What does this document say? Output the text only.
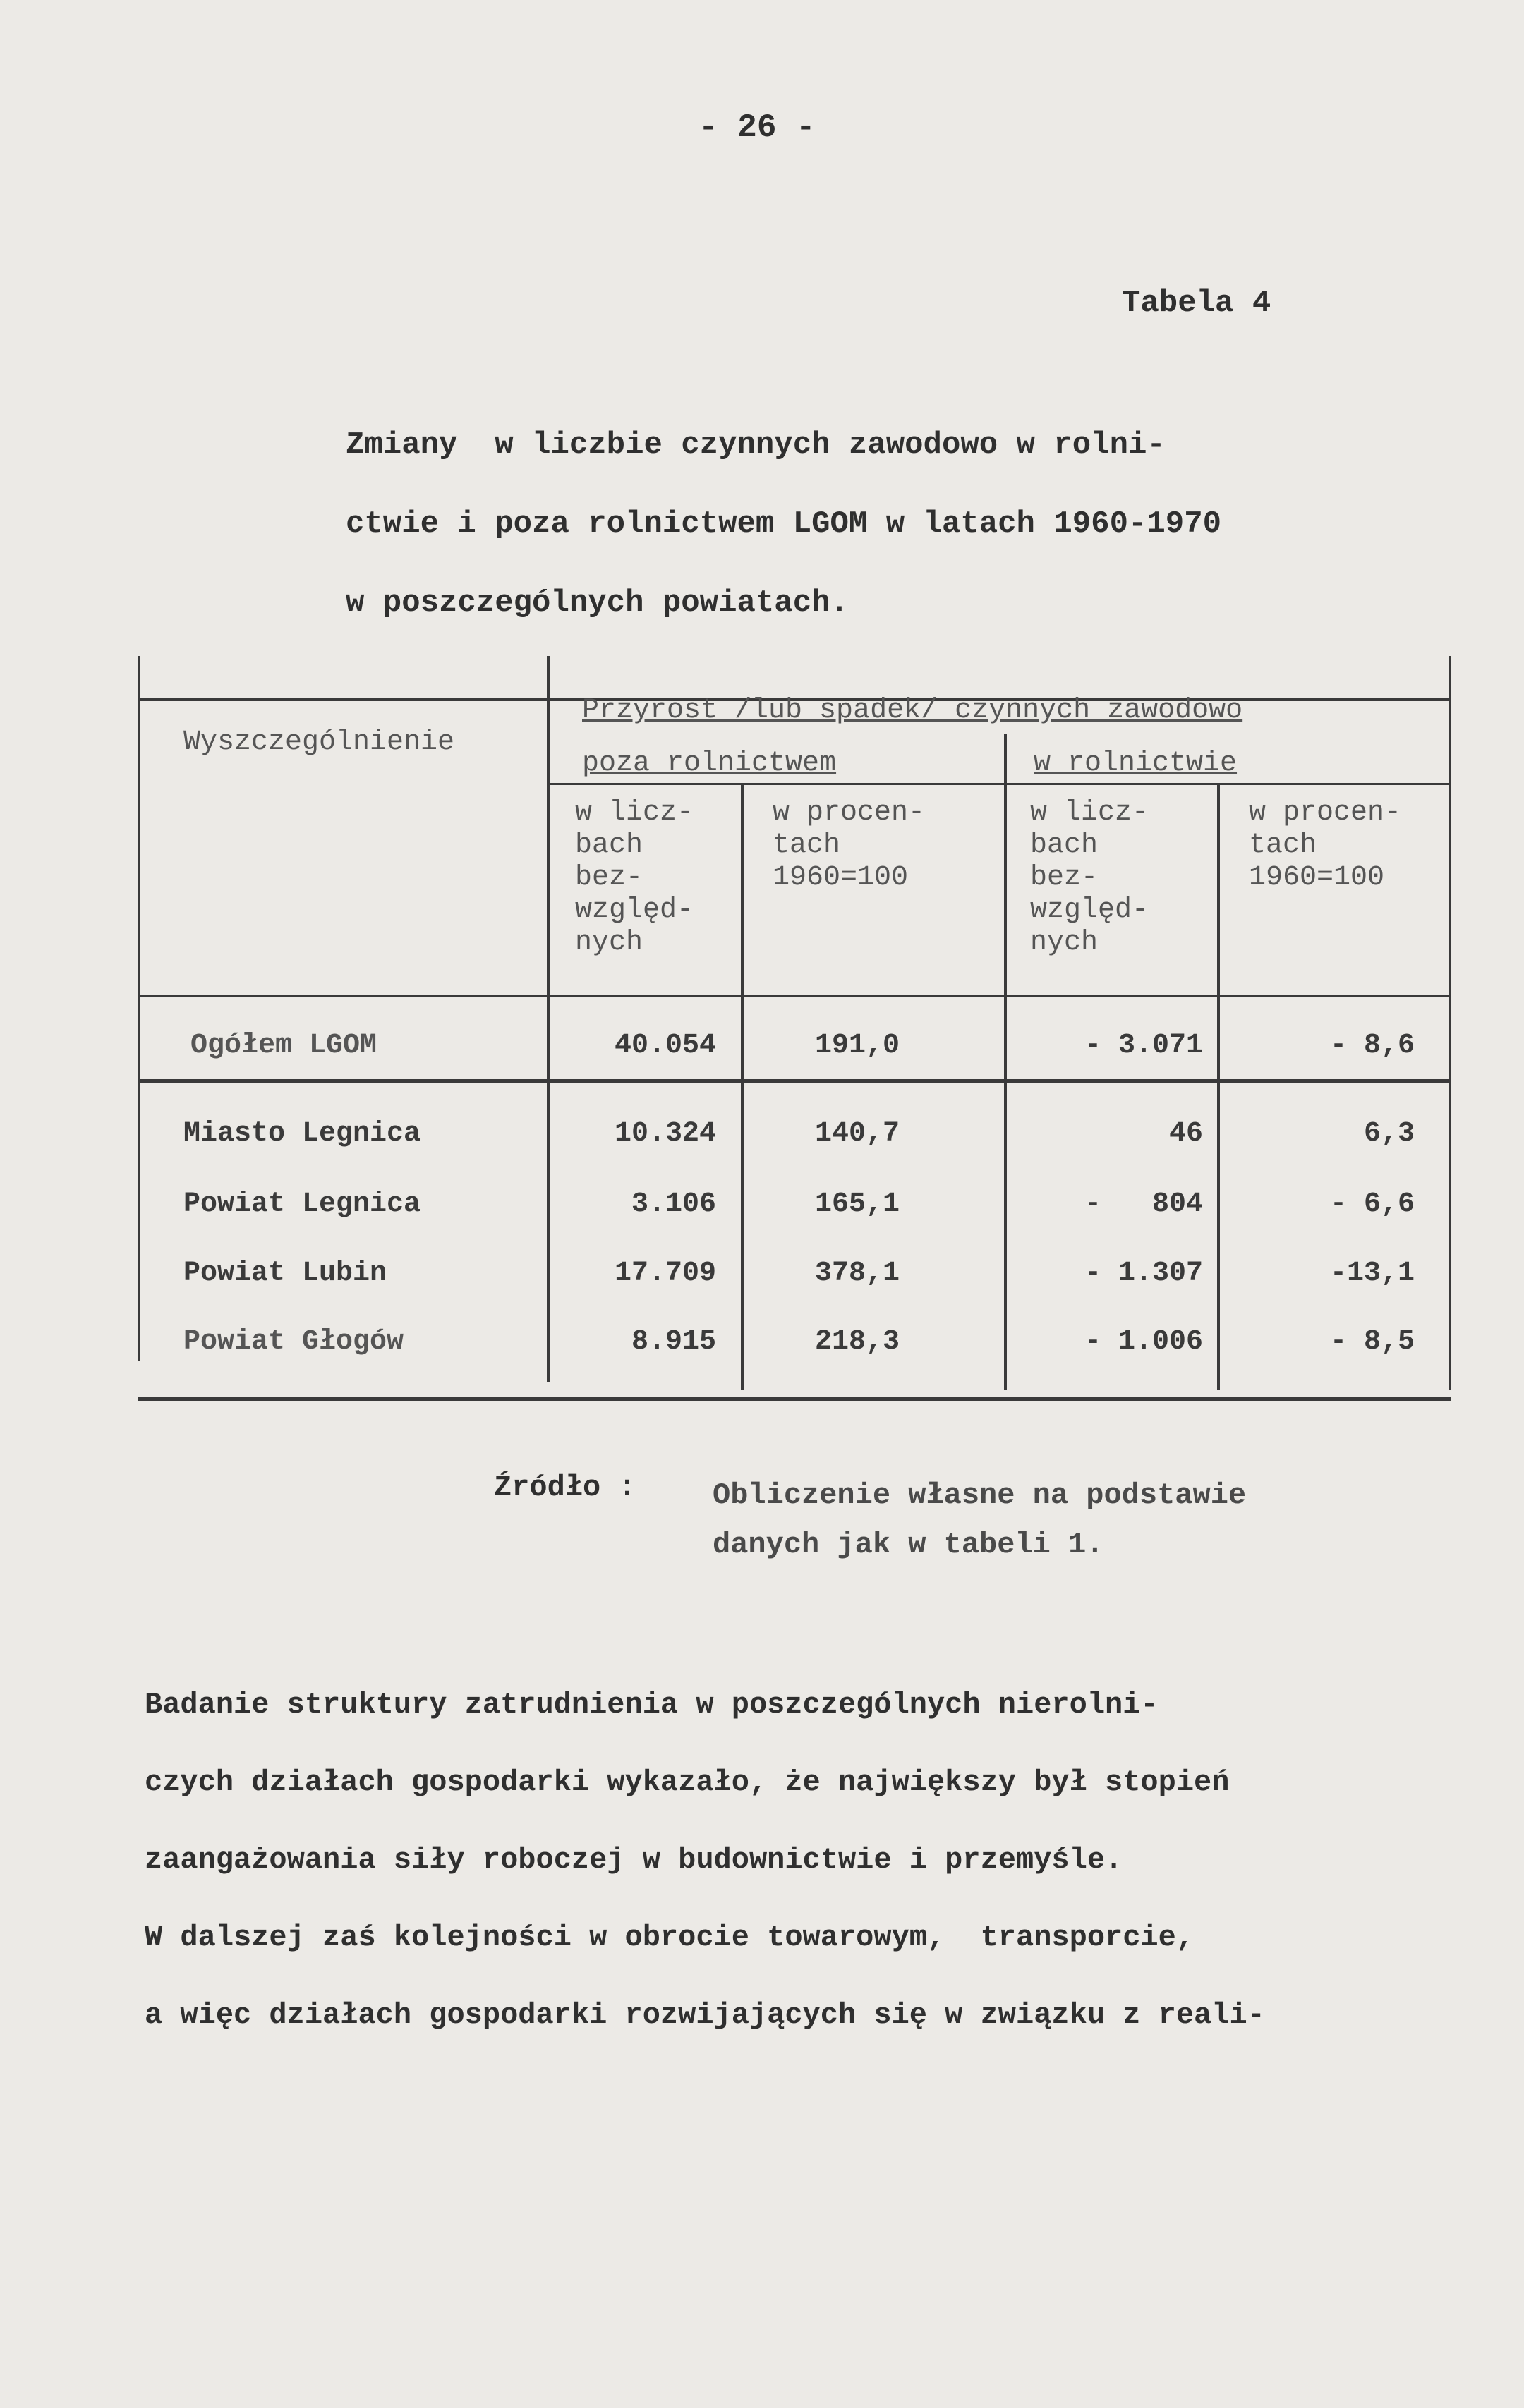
- 26 -
Tabela 4
Zmiany  w liczbie czynnych zawodowo w rolni-
ctwie i poza rolnictwem LGOM w latach 1960-1970
w poszczególnych powiatach.
Wyszczególnienie
Przyrost /lub spadek/ czynnych zawodowo
poza rolnictwem	w rolnictwie
w licz-
bach
bez-
względ-
nych
w procen-
tach
1960=100
w licz-
bach
bez-
względ-
nych
w procen-
tach
1960=100
Ogółem LGOM	40.054	191,0	- 3.071	- 8,6
Miasto Legnica	10.324	140,7	46	6,3
Powiat Legnica	3.106	165,1	-   804	- 6,6
Powiat Lubin	17.709	378,1	- 1.307	-13,1
Powiat Głogów	8.915	218,3	- 1.006	- 8,5
Źródło :	Obliczenie własne na podstawie
danych jak w tabeli 1.
Badanie struktury zatrudnienia w poszczególnych nierolni-
czych działach gospodarki wykazało, że największy był stopień
zaangażowania siły roboczej w budownictwie i przemyśle.
W dalszej zaś kolejności w obrocie towarowym,  transporcie,
a więc działach gospodarki rozwijających się w związku z reali-
